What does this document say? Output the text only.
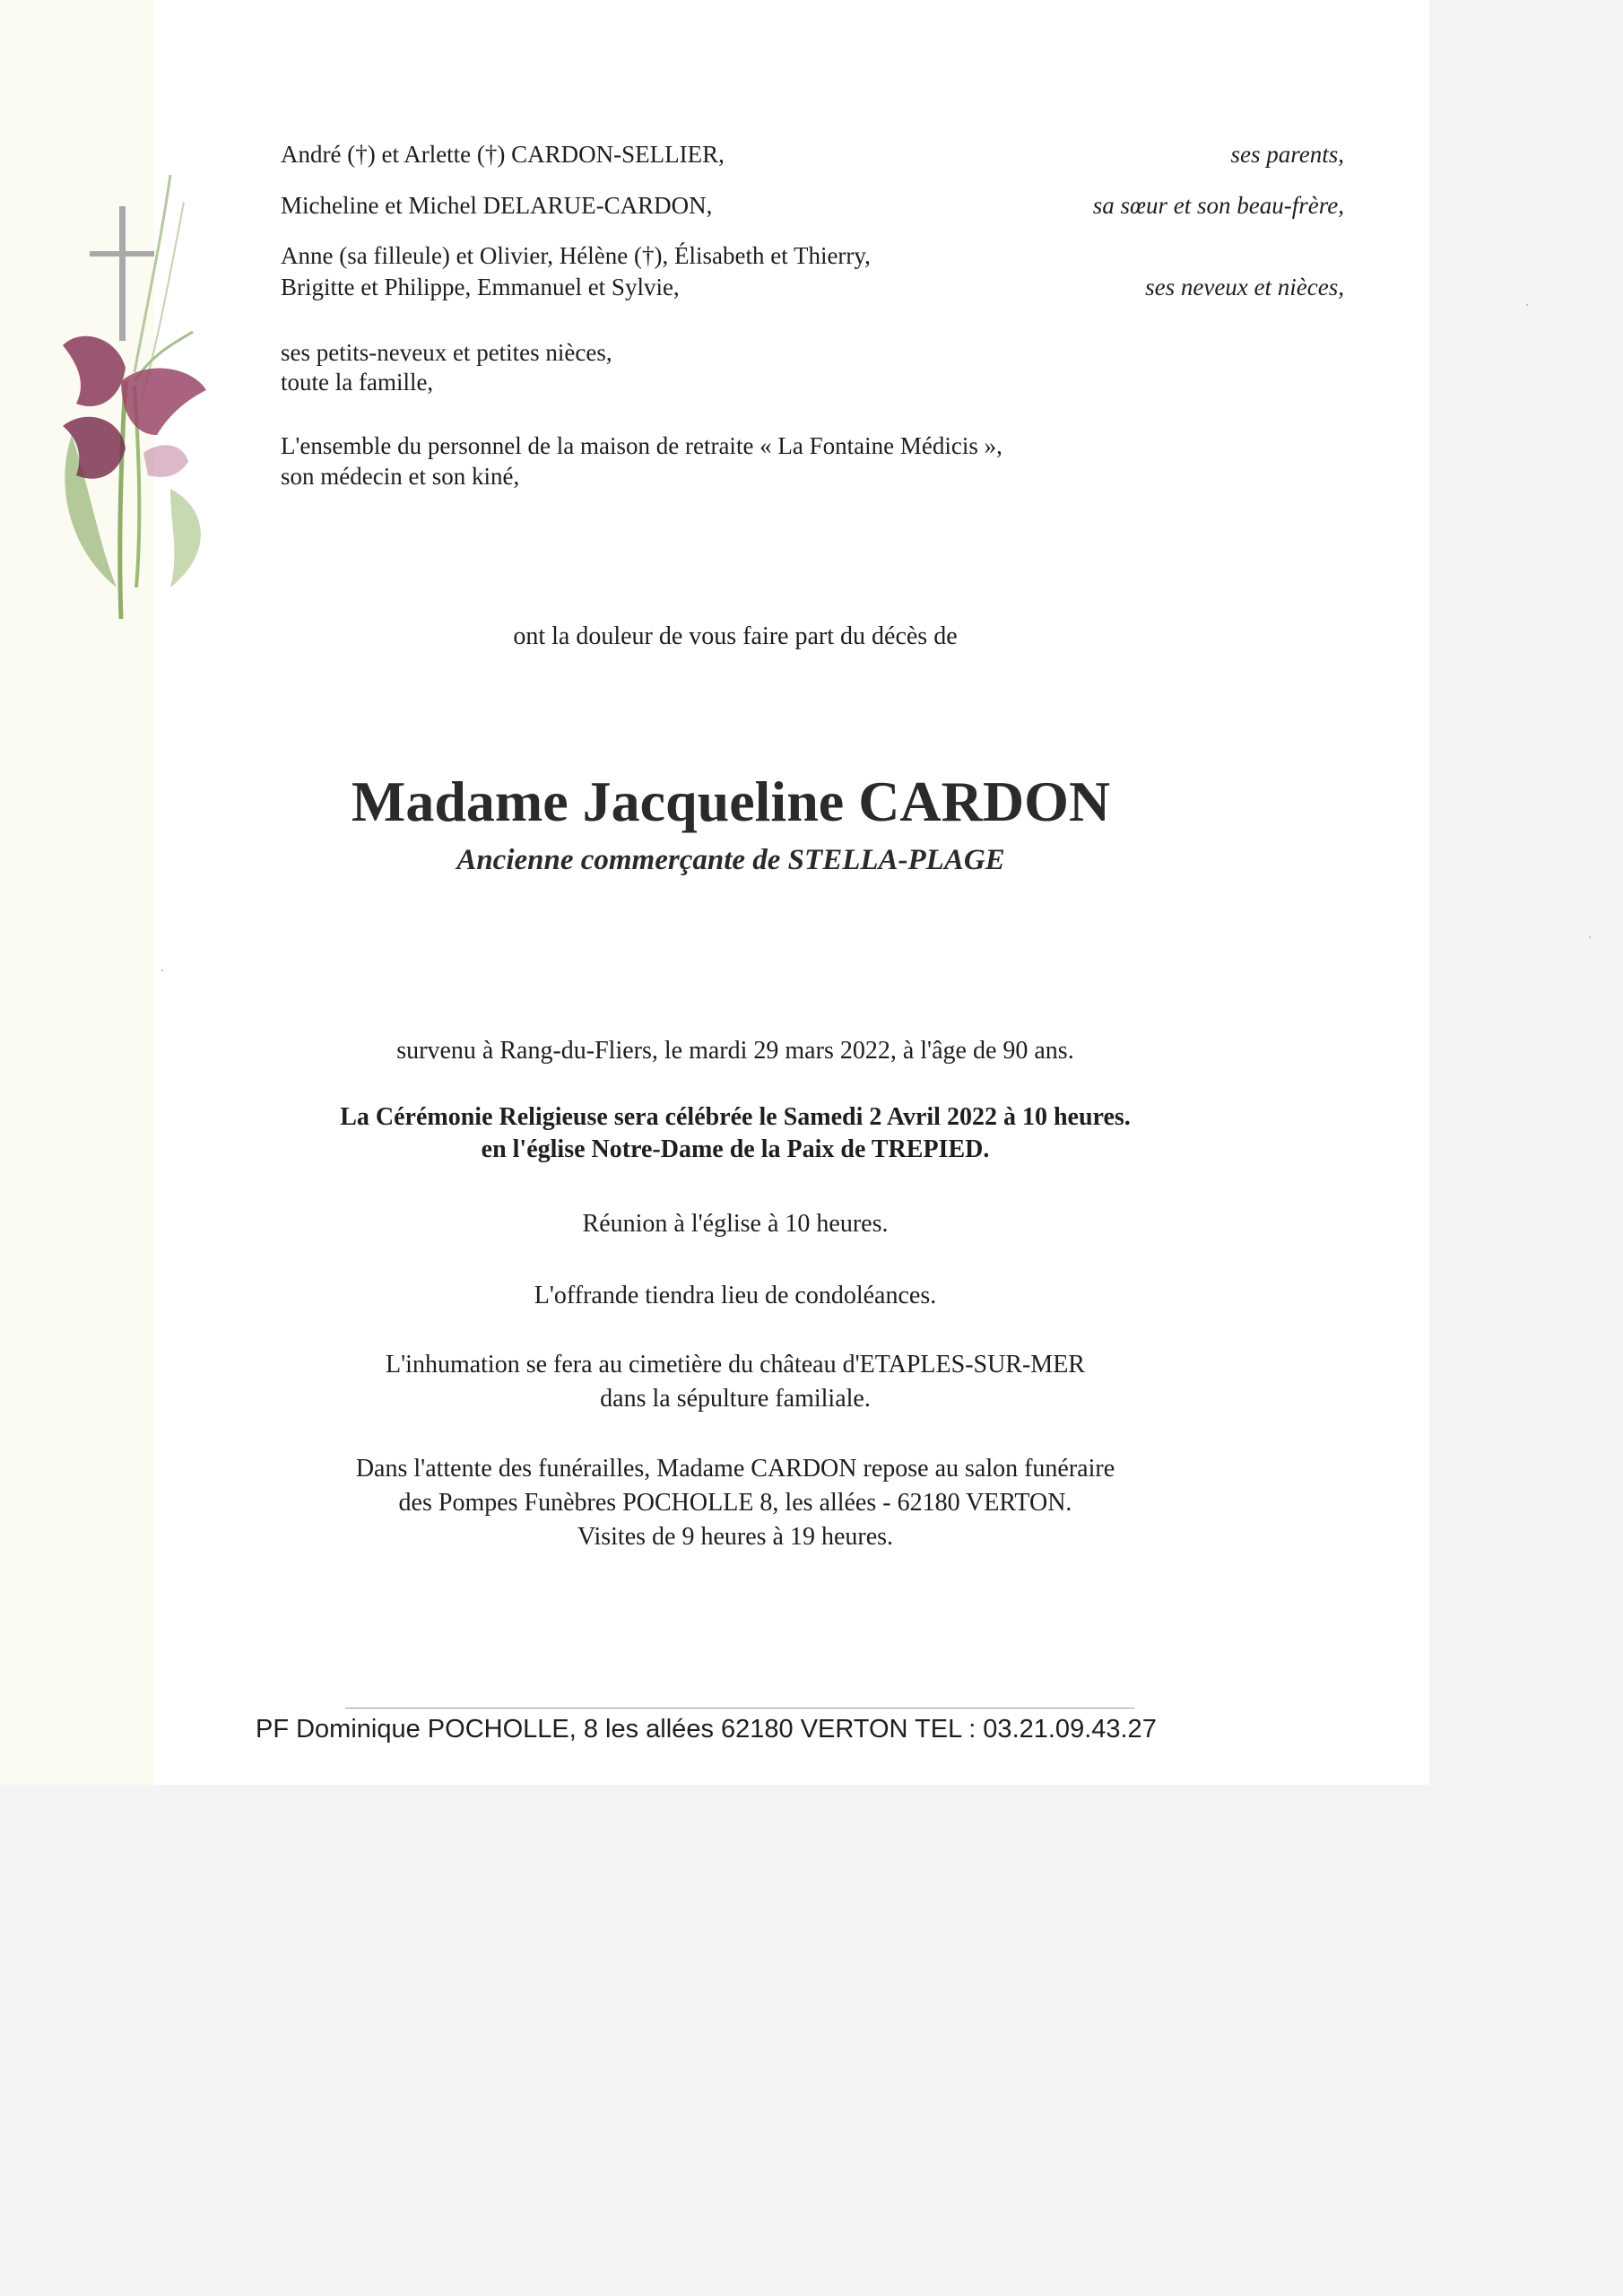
André (†) et Arlette (†) CARDON-SELLIER,	ses parents,
Micheline et Michel DELARUE-CARDON,	sa sœur et son beau-frère,
Anne (sa filleule) et Olivier, Hélène (†), Élisabeth et Thierry,
Brigitte et Philippe, Emmanuel et Sylvie,	ses neveux et nièces,
ses petits-neveux et petites nièces,
toute la famille,
L'ensemble du personnel de la maison de retraite « La Fontaine Médicis »,
son médecin et son kiné,
ont la douleur de vous faire part du décès de
Madame Jacqueline CARDON
Ancienne commerçante de STELLA-PLAGE
survenu à Rang-du-Fliers, le mardi 29 mars 2022, à l'âge de 90 ans.
La Cérémonie Religieuse sera célébrée le Samedi 2 Avril 2022 à 10 heures.
en l'église Notre-Dame de la Paix de TREPIED.
Réunion à l'église à 10 heures.
L'offrande tiendra lieu de condoléances.
L'inhumation se fera au cimetière du château d'ETAPLES-SUR-MER
dans la sépulture familiale.
Dans l'attente des funérailles, Madame CARDON repose au salon funéraire
des Pompes Funèbres POCHOLLE 8, les allées - 62180 VERTON.
Visites de 9 heures à 19 heures.
PF Dominique POCHOLLE, 8 les allées 62180 VERTON TEL : 03.21.09.43.27
·
·
·
